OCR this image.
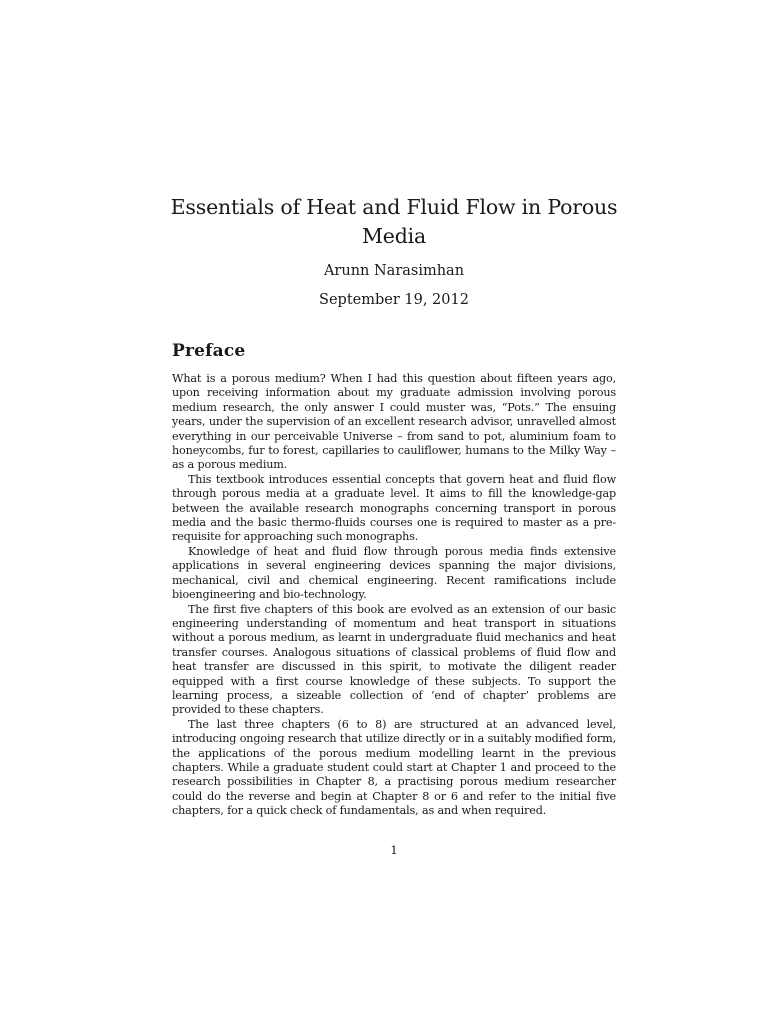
Essentials of Heat and Fluid Flow in Porous Media
Arunn Narasimhan
September 19, 2012
Preface

What is a porous medium? When I had this question about fifteen years ago, upon receiving information about my graduate admission involving porous medium research, the only answer I could muster was, “Pots.” The ensuing years, under the supervision of an excellent research advisor, unravelled almost everything in our perceivable Universe – from sand to pot, aluminium foam to honeycombs, fur to forest, capillaries to cauliflower, humans to the Milky Way – as a porous medium.

This textbook introduces essential concepts that govern heat and fluid flow through porous media at a graduate level. It aims to fill the knowledge-gap between the available research monographs concerning transport in porous media and the basic thermo-fluids courses one is required to master as a pre-requisite for approaching such monographs.

Knowledge of heat and fluid flow through porous media finds extensive applications in several engineering devices spanning the major divisions, mechanical, civil and chemical engineering. Recent ramifications include bioengineering and bio-technology.

The first five chapters of this book are evolved as an extension of our basic engineering understanding of momentum and heat transport in situations without a porous medium, as learnt in undergraduate fluid mechanics and heat transfer courses. Analogous situations of classical problems of fluid flow and heat transfer are discussed in this spirit, to motivate the diligent reader equipped with a first course knowledge of these subjects. To support the learning process, a sizeable collection of ‘end of chapter’ problems are provided to these chapters.

The last three chapters (6 to 8) are structured at an advanced level, introducing ongoing research that utilize directly or in a suitably modified form, the applications of the porous medium modelling learnt in the previous chapters. While a graduate student could start at Chapter 1 and proceed to the research possibilities in Chapter 8, a practising porous medium researcher could do the reverse and begin at Chapter 8 or 6 and refer to the initial five chapters, for a quick check of fundamentals, as and when required.

1
